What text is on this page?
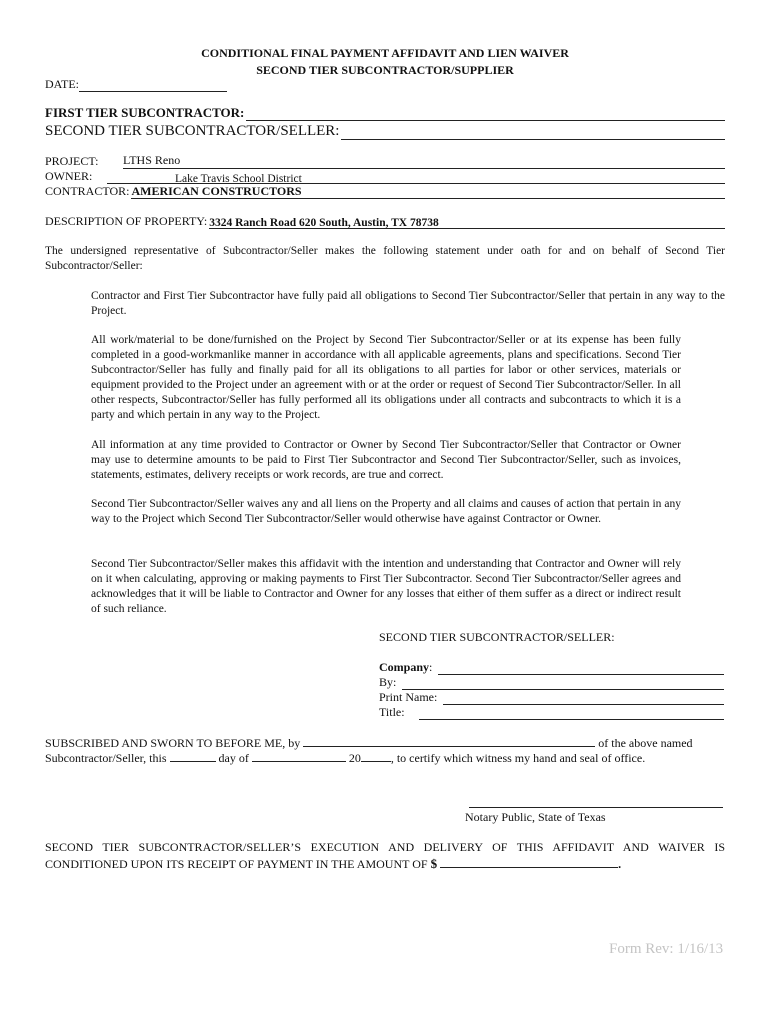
CONDITIONAL FINAL PAYMENT AFFIDAVIT AND LIEN WAIVER
SECOND TIER SUBCONTRACTOR/SUPPLIER
DATE:
FIRST TIER SUBCONTRACTOR:
SECOND TIER SUBCONTRACTOR/SELLER:
PROJECT:	LTHS Reno
OWNER:	Lake Travis School District
CONTRACTOR: AMERICAN CONSTRUCTORS
DESCRIPTION OF PROPERTY: 3324 Ranch Road 620 South, Austin, TX 78738
The undersigned representative of Subcontractor/Seller makes the following statement under oath for and on behalf of Second Tier Subcontractor/Seller:
Contractor and First Tier Subcontractor have fully paid all obligations to Second Tier Subcontractor/Seller that pertain in any way to the Project.
All work/material to be done/furnished on the Project by Second Tier Subcontractor/Seller or at its expense has been fully completed in a good-workmanlike manner in accordance with all applicable agreements, plans and specifications. Second Tier Subcontractor/Seller has fully and finally paid for all its obligations to all parties for labor or other services, materials or equipment provided to the Project under an agreement with or at the order or request of Second Tier Subcontractor/Seller. In all other respects, Subcontractor/Seller has fully performed all its obligations under all contracts and subcontracts to which it is a party and which pertain in any way to the Project.
All information at any time provided to Contractor or Owner by Second Tier Subcontractor/Seller that Contractor or Owner may use to determine amounts to be paid to First Tier Subcontractor and Second Tier Subcontractor/Seller, such as invoices, statements, estimates, delivery receipts or work records, are true and correct.
Second Tier Subcontractor/Seller waives any and all liens on the Property and all claims and causes of action that pertain in any way to the Project which Second Tier Subcontractor/Seller would otherwise have against Contractor or Owner.
Second Tier Subcontractor/Seller makes this affidavit with the intention and understanding that Contractor and Owner will rely on it when calculating, approving or making payments to First Tier Subcontractor. Second Tier Subcontractor/Seller agrees and acknowledges that it will be liable to Contractor and Owner for any losses that either of them suffer as a direct or indirect result of such reliance.
SECOND TIER SUBCONTRACTOR/SELLER:
Company :
By:
Print Name:
Title:
SUBSCRIBED AND SWORN TO BEFORE ME, by	of the above named
Subcontractor/Seller, this	day of	20	, to certify which witness my hand and seal of office.
Notary Public, State of Texas
SECOND TIER SUBCONTRACTOR/SELLER’S EXECUTION AND DELIVERY OF THIS AFFIDAVIT AND WAIVER IS
CONDITIONED UPON ITS RECEIPT OF PAYMENT IN THE AMOUNT OF $	.
Form Rev: 1/16/13
